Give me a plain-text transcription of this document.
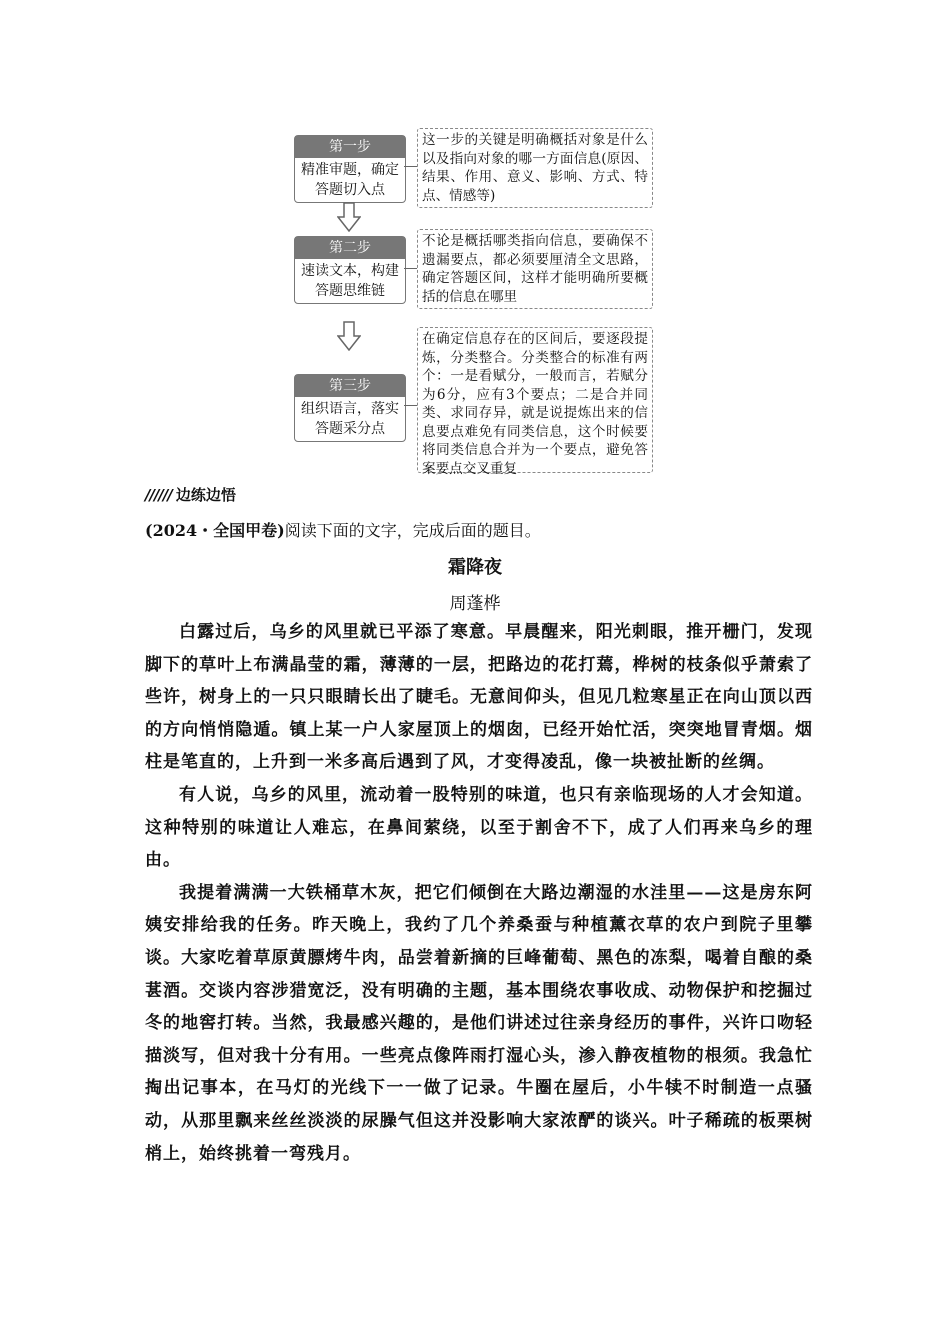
第一步
精准审题，确定答题切入点
这一步的关键是明确概括对象是什么以及指向对象的哪一方面信息(原因、结果、作用、意义、影响、方式、特点、情感等)
第二步
速读文本，构建答题思维链
不论是概括哪类指向信息，要确保不遗漏要点，都必须要厘清全文思路，确定答题区间，这样才能明确所要概括的信息在哪里
第三步
组织语言，落实答题采分点
在确定信息存在的区间后，要逐段提炼，分类整合。分类整合的标准有两个：一是看赋分，一般而言，若赋分为6分，应有3个要点；二是合并同类、求同存异，就是说提炼出来的信息要点难免有同类信息，这个时候要将同类信息合并为一个要点，避免答案要点交叉重复
////// 边练边悟
(2024・全国甲卷)阅读下面的文字，完成后面的题目。
霜降夜
周蓬桦

白露过后，乌乡的风里就已平添了寒意。早晨醒来，阳光刺眼，推开栅门，发现脚下的草叶上布满晶莹的霜，薄薄的一层，把路边的花打蔫，桦树的枝条似乎萧索了些许，树身上的一只只眼睛长出了睫毛。无意间仰头，但见几粒寒星正在向山顶以西的方向悄悄隐遁。镇上某一户人家屋顶上的烟囱，已经开始忙活，突突地冒青烟。烟柱是笔直的，上升到一米多高后遇到了风，才变得凌乱，像一块被扯断的丝绸。

有人说，乌乡的风里，流动着一股特别的味道，也只有亲临现场的人才会知道。这种特别的味道让人难忘，在鼻间萦绕，以至于割舍不下，成了人们再来乌乡的理由。

我提着满满一大铁桶草木灰，把它们倾倒在大路边潮湿的水洼里——这是房东阿姨安排给我的任务。昨天晚上，我约了几个养桑蚕与种植薰衣草的农户到院子里攀谈。大家吃着草原黄膘烤牛肉，品尝着新摘的巨峰葡萄、黑色的冻梨，喝着自酿的桑葚酒。交谈内容涉猎宽泛，没有明确的主题，基本围绕农事收成、动物保护和挖掘过冬的地窖打转。当然，我最感兴趣的，是他们讲述过往亲身经历的事件，兴许口吻轻描淡写，但对我十分有用。一些亮点像阵雨打湿心头，渗入静夜植物的根须。我急忙掏出记事本，在马灯的光线下一一做了记录。牛圈在屋后，小牛犊不时制造一点骚动，从那里飘来丝丝淡淡的尿臊气但这并没影响大家浓酽的谈兴。叶子稀疏的板栗树梢上，始终挑着一弯残月。
